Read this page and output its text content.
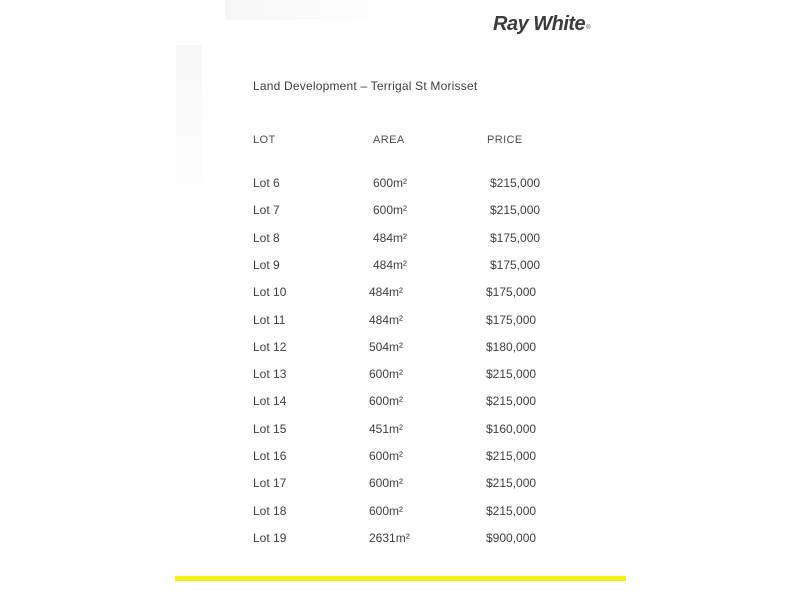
Ray White®
Land Development – Terrigal St Morisset
LOT	AREA	PRICE
Lot 6	600m²	$215,000
Lot 7	600m²	$215,000
Lot 8	484m²	$175,000
Lot 9	484m²	$175,000
Lot 10	484m²	$175,000
Lot 11	484m²	$175,000
Lot 12	504m²	$180,000
Lot 13	600m²	$215,000
Lot 14	600m²	$215,000
Lot 15	451m²	$160,000
Lot 16	600m²	$215,000
Lot 17	600m²	$215,000
Lot 18	600m²	$215,000
Lot 19	2631m²	$900,000
